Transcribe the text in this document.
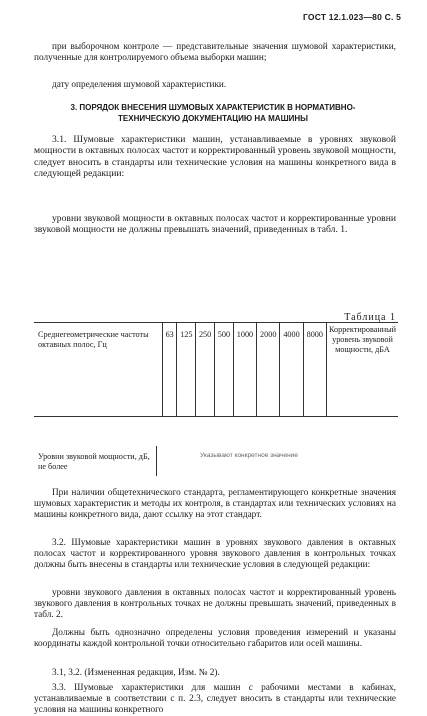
ГОСТ 12.1.023—80 С. 5
при выборочном контроле — представительные значения шумовой характеристики, полученные для контролируемого объема выборки машин;
дату определения шумовой характеристики.
3. ПОРЯДОК ВНЕСЕНИЯ ШУМОВЫХ ХАРАКТЕРИСТИК В НОРМАТИВНО-ТЕХНИЧЕСКУЮ ДОКУМЕНТАЦИЮ НА МАШИНЫ
3.1. Шумовые характеристики машин, устанавливаемые в уровнях звуковой мощности в октавных полосах частот и корректированный уровень звуковой мощности, следует вносить в стандарты или технические условия на машины конкретного вида в следующей редакции:
уровни звуковой мощности в октавных полосах частот и корректированные уровни звуковой мощности не должны превышать значений, приведенных в табл. 1.
Таблица 1
Среднегеометрические частоты октавных полос, Гц	63	125	250	500	1000	2000	4000	8000	Корректированный уровень звуковой мощности, дБА
Уровни звуковой мощности, дБ, не более
Указывают конкретное значение
При наличии общетехнического стандарта, регламентирующего конкретные значения шумовых характеристик и методы их контроля, в стандартах или технических условиях на машины конкретного вида, дают ссылку на этот стандарт.
3.2. Шумовые характеристики машин в уровнях звукового давления в октавных полосах частот и корректированного уровня звукового давления в контрольных точках должны быть внесены в стандарты или технические условия в следующей редакции:
уровни звукового давления в октавных полосах частот и корректированный уровень звукового давления в контрольных точках не должны превышать значений, приведенных в табл. 2.
Должны быть однозначно определены условия проведения измерений и указаны координаты каждой контрольной точки относительно габаритов или осей машины.
3.1, 3.2. (Измененная редакция, Изм. № 2).
3.3. Шумовые характеристики для машин с рабочими местами в кабинах, устанавливаемые в соответствии с п. 2.3, следует вносить в стандарты или технические условия на машины конкретного
